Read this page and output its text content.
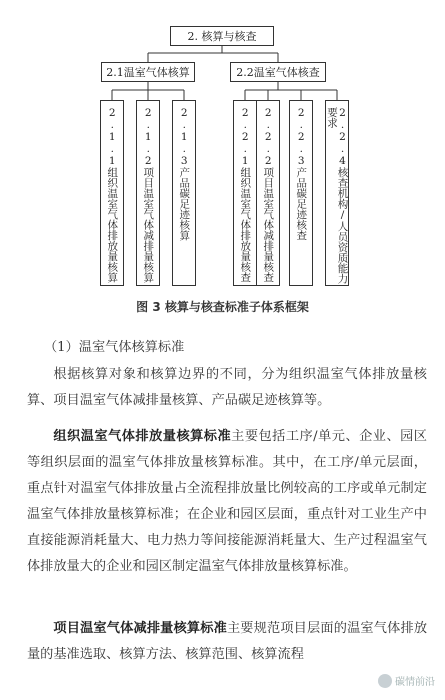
2. 核算与核查
2.1温室气体核算	2.2温室气体核查
2.1.1组织温室气体排放量核算 2.1.2项目温室气体减排量核算 2.1.3产品碳足迹核算	2.2.1组织温室气体排放量核查 2.2.2项目温室气体减排量核查 2.2.3产品碳足迹核查	2.2.4核查机构/人员资质能力要求
图 3 核算与核查标准子体系框架
（1）温室气体核算标准
根据核算对象和核算边界的不同，分为组织温室气体排放量核算、项目温室气体减排量核算、产品碳足迹核算等。
组织温室气体排放量核算标准主要包括工序/单元、企业、园区等组织层面的温室气体排放量核算标准。其中，在工序/单元层面，重点针对温室气体排放量占全流程排放量比例较高的工序或单元制定温室气体排放量核算标准；在企业和园区层面，重点针对工业生产中直接能源消耗量大、电力热力等间接能源消耗量大、生产过程温室气体排放量大的企业和园区制定温室气体排放量核算标准。
项目温室气体减排量核算标准主要规范项目层面的温室气体排放量的基准选取、核算方法、核算范围、核算流程
碳情前沿
